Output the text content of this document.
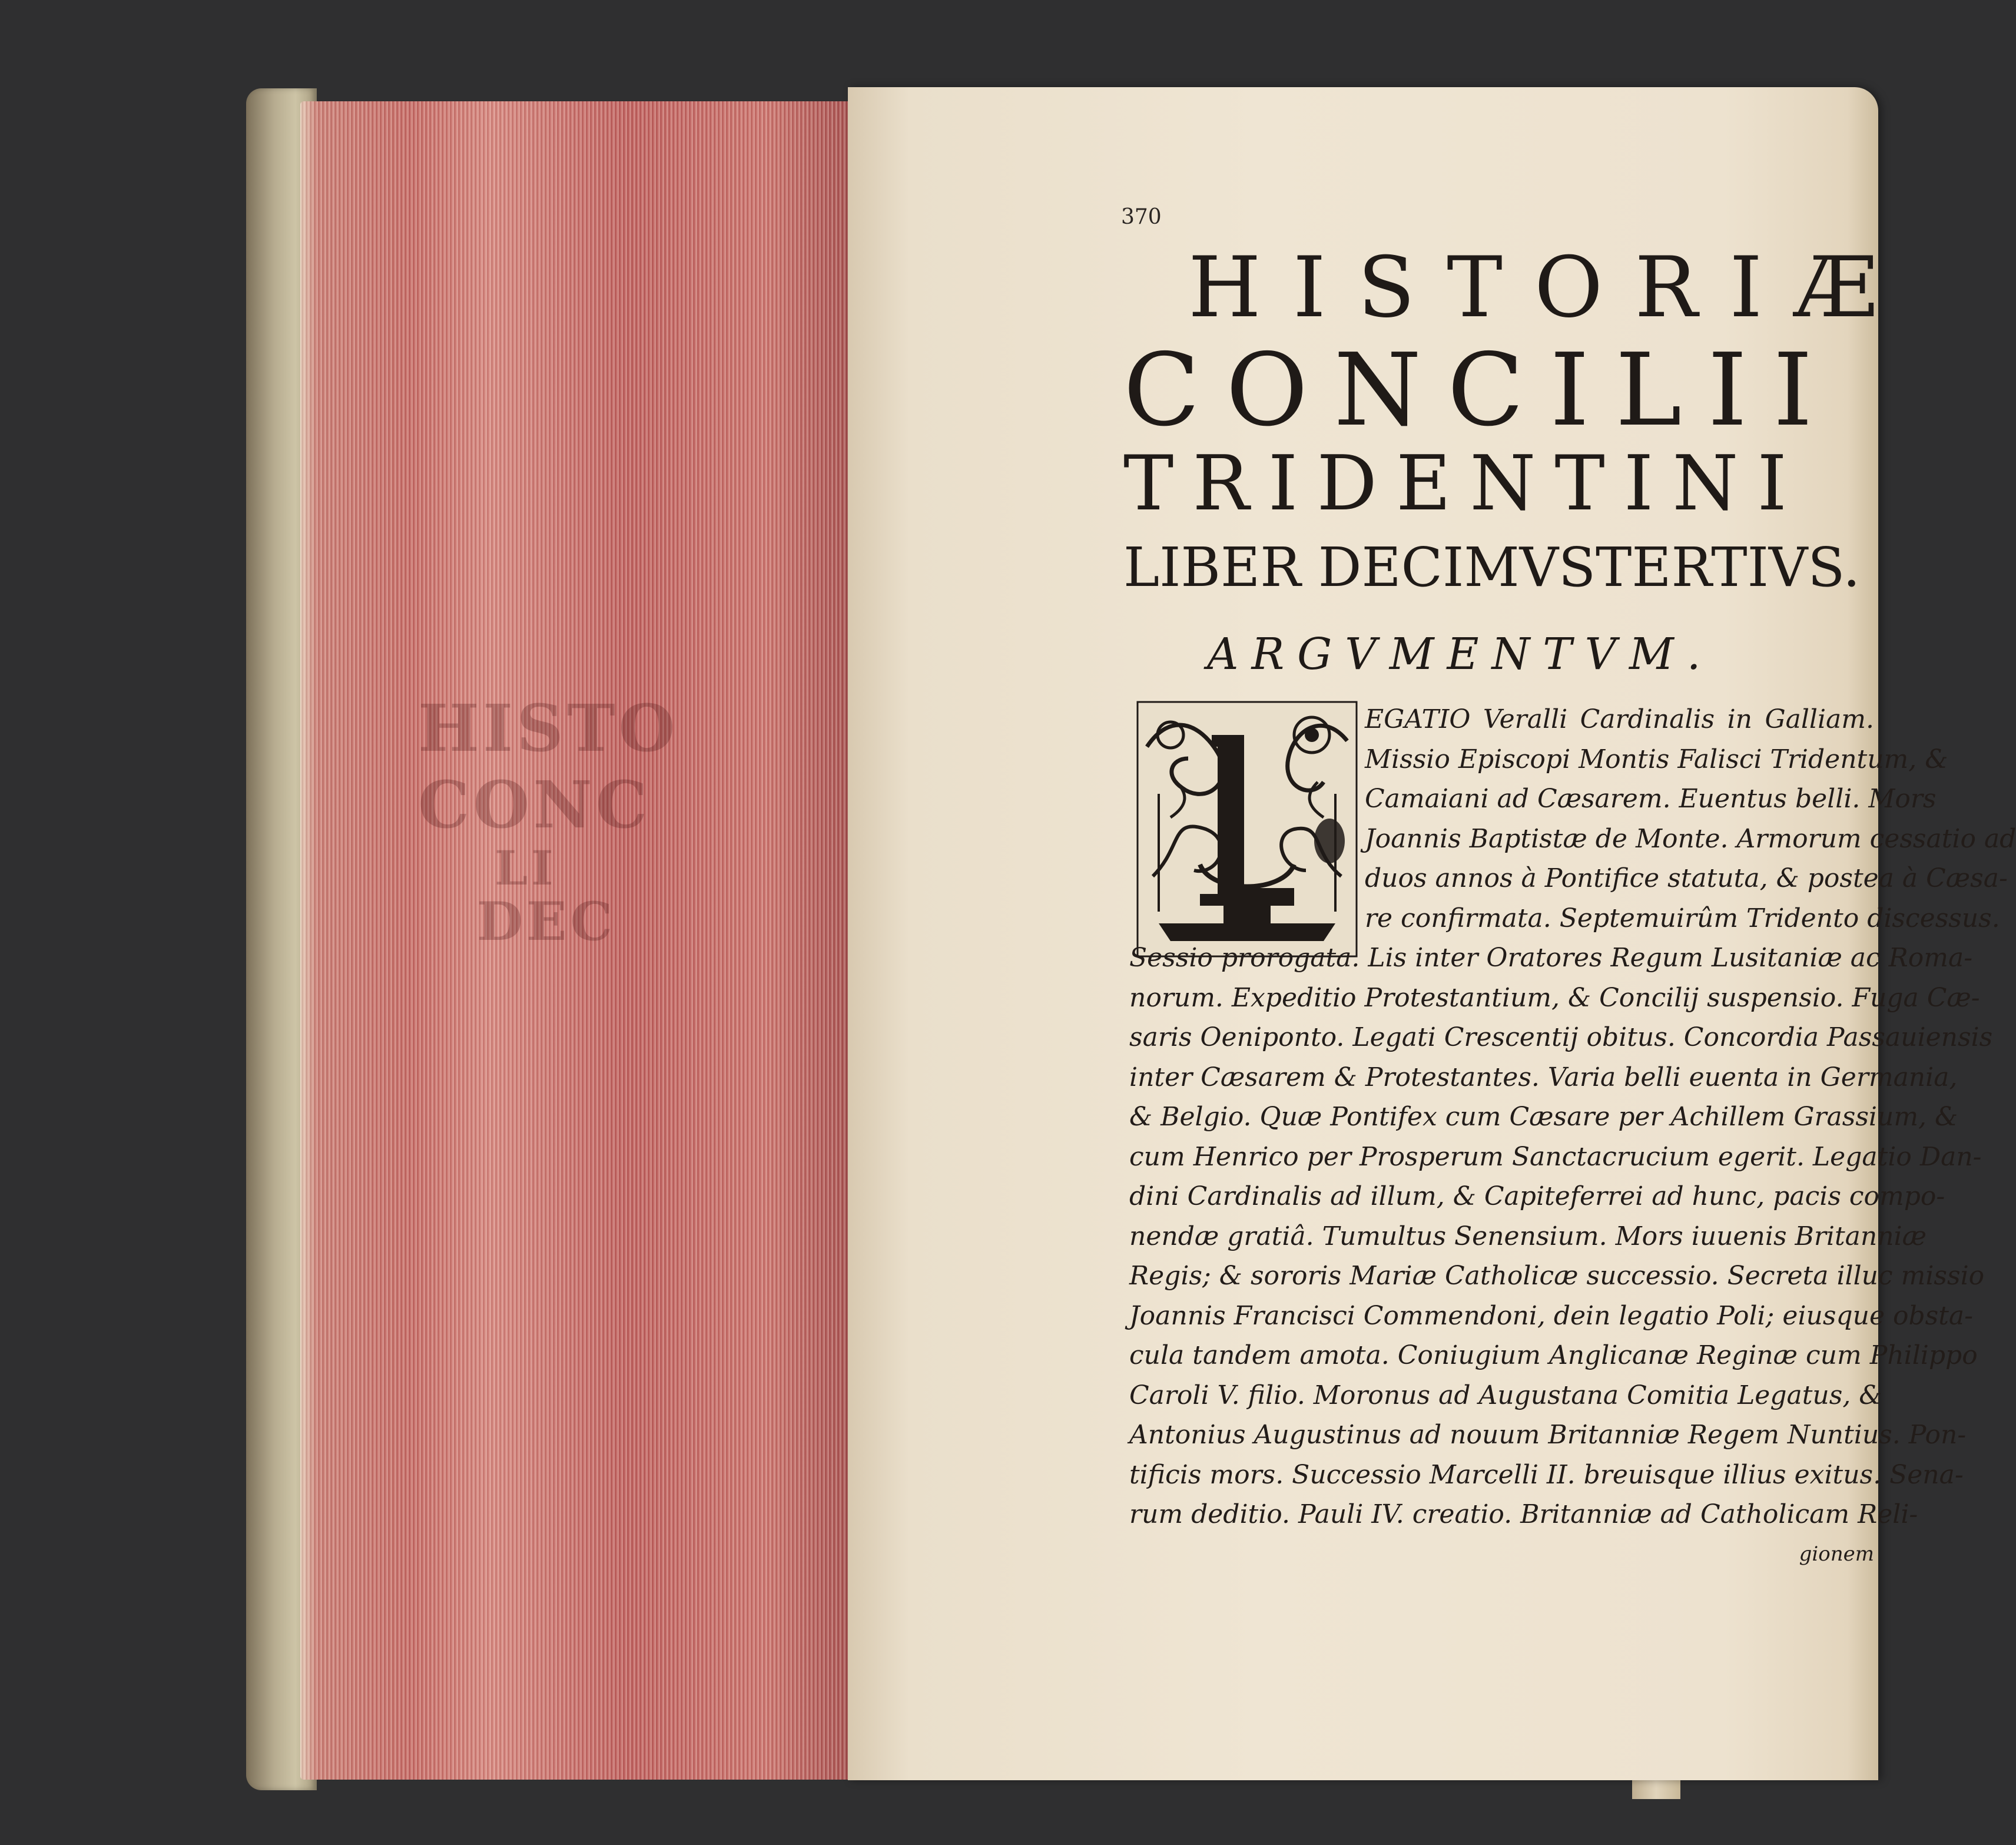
HISTO
CONC
LI
DEC
370
HISTORIÆ
CONCILII
TRIDENTINI
LIBER DECIMVSTERTIVS.
ARGVMENTVM.
EGATIO Veralli Cardinalis in Galliam.
Missio Episcopi Montis Falisci Tridentum, &
Camaiani ad Cæsarem. Euentus belli. Mors
Joannis Baptistæ de Monte. Armorum cessatio ad
duos annos à Pontifice statuta, & postea à Cæsa-
re confirmata. Septemuirûm Tridento discessus.
Sessio prorogata. Lis inter Oratores Regum Lusitaniæ ac Roma-
norum. Expeditio Protestantium, & Concilij suspensio. Fuga Cæ-
saris Oeniponto. Legati Crescentij obitus. Concordia Passauiensis
inter Cæsarem & Protestantes. Varia belli euenta in Germania,
& Belgio. Quæ Pontifex cum Cæsare per Achillem Grassium, &
cum Henrico per Prosperum Sanctacrucium egerit. Legatio Dan-
dini Cardinalis ad illum, & Capiteferrei ad hunc, pacis compo-
nendæ gratiâ. Tumultus Senensium. Mors iuuenis Britanniæ
Regis; & sororis Mariæ Catholicæ successio. Secreta illuc missio
Joannis Francisci Commendoni, dein legatio Poli; eiusque obsta-
cula tandem amota. Coniugium Anglicanæ Reginæ cum Philippo
Caroli V. filio. Moronus ad Augustana Comitia Legatus, &
Antonius Augustinus ad nouum Britanniæ Regem Nuntius. Pon-
tificis mors. Successio Marcelli II. breuisque illius exitus. Sena-
rum deditio. Pauli IV. creatio. Britanniæ ad Catholicam Reli-
gionem
